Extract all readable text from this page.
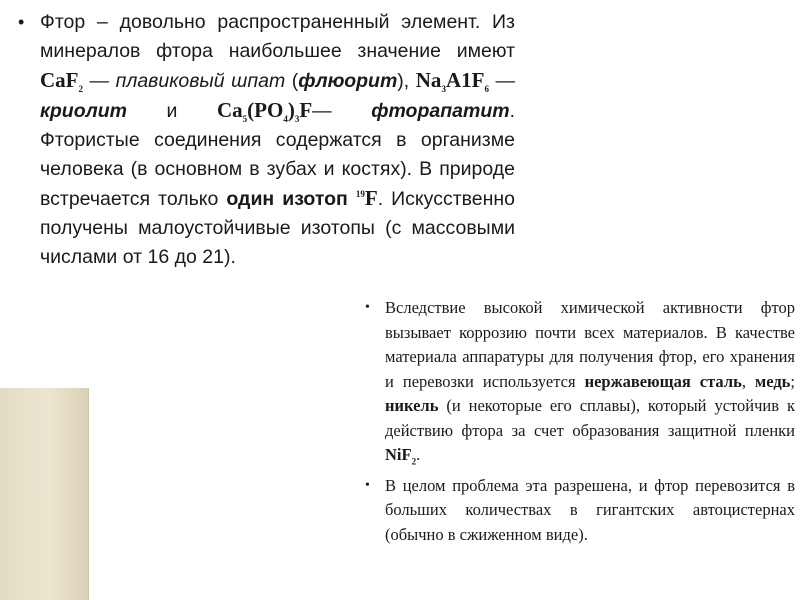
• Фтор – довольно распространенный элемент. Из минералов фтора наибольшее значение имеют CaF$_2$ — плавиковый шпат (флюорит), $Na_3A1F_6$ — криолит и $Ca_5(PO_4)_3F—$ фторапатит. Фтористые соединения содержатся в организме человека (в основном в зубах и костях). В природе встречается только один изотоп $^{19}$F. Искусственно получены малоустойчивые изотопы (с массовыми числами от 16 до 21).
• Вследствие высокой химической активности фтор вызывает коррозию почти всех материалов. В качестве материала аппаратуры для получения фтор, его хранения и перевозки используется нержавеющая сталь, медь; никель (и некоторые его сплавы), который устойчив к действию фтора за счет образования защитной пленки NiF$_2$.
• В целом проблема эта разрешена, и фтор перевозится в больших количествах в гигантских автоцистернах (обычно в сжиженном виде).
